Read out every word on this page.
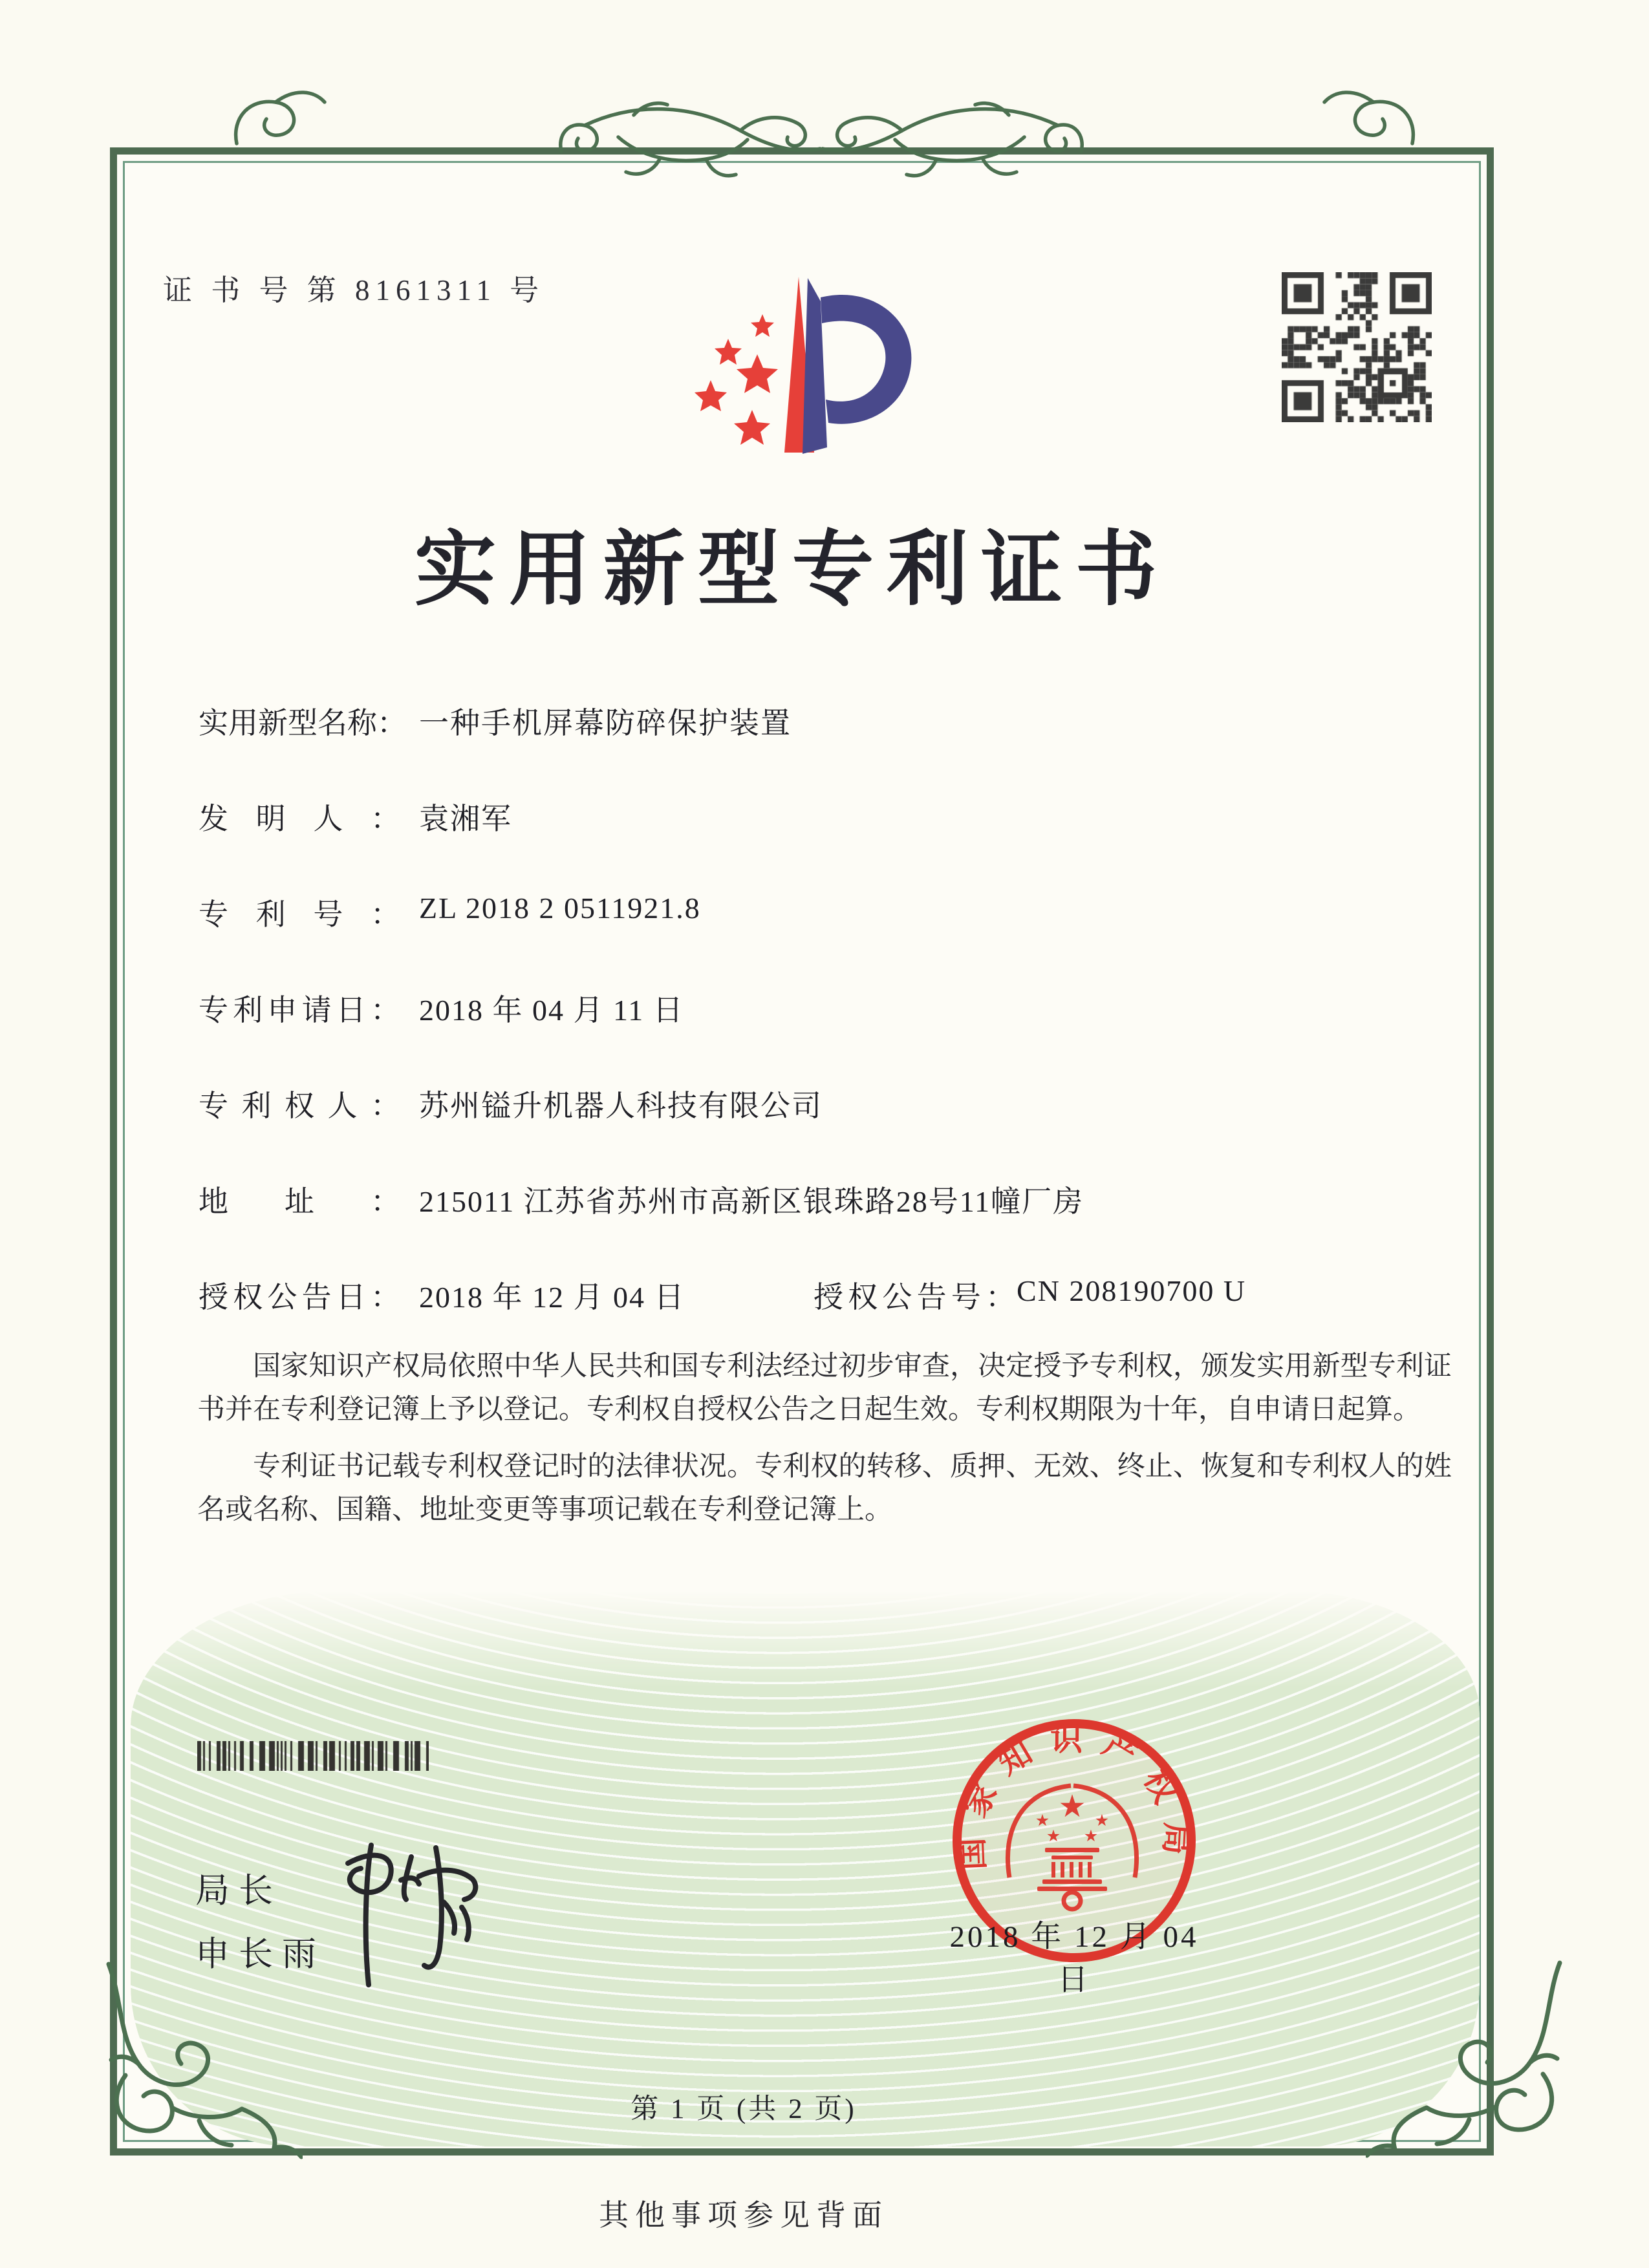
证 书 号 第 8161311 号
实用新型专利证书
实用新型名称： 一种手机屏幕防碎保护装置
发明人： 袁湘军
专利号： ZL 2018 2 0511921.8
专利申请日： 2018 年 04 月 11 日
专利权人： 苏州镒升机器人科技有限公司
地址： 215011 江苏省苏州市高新区银珠路28号11幢厂房
授权公告日： 2018 年 12 月 04 日	授权公告号： CN 208190700 U

国家知识产权局依照中华人民共和国专利法经过初步审查，决定授予专利权，颁发实用新型专利证书并在专利登记簿上予以登记。专利权自授权公告之日起生效。专利权期限为十年，自申请日起算。

专利证书记载专利权登记时的法律状况。专利权的转移、质押、无效、终止、恢复和专利权人的姓名或名称、国籍、地址变更等事项记载在专利登记簿上。

局长
申长雨
国家知识产权局
★
★	★
★ ★
2018 年 12 月 04 日
第 1 页 (共 2 页)
其他事项参见背面
